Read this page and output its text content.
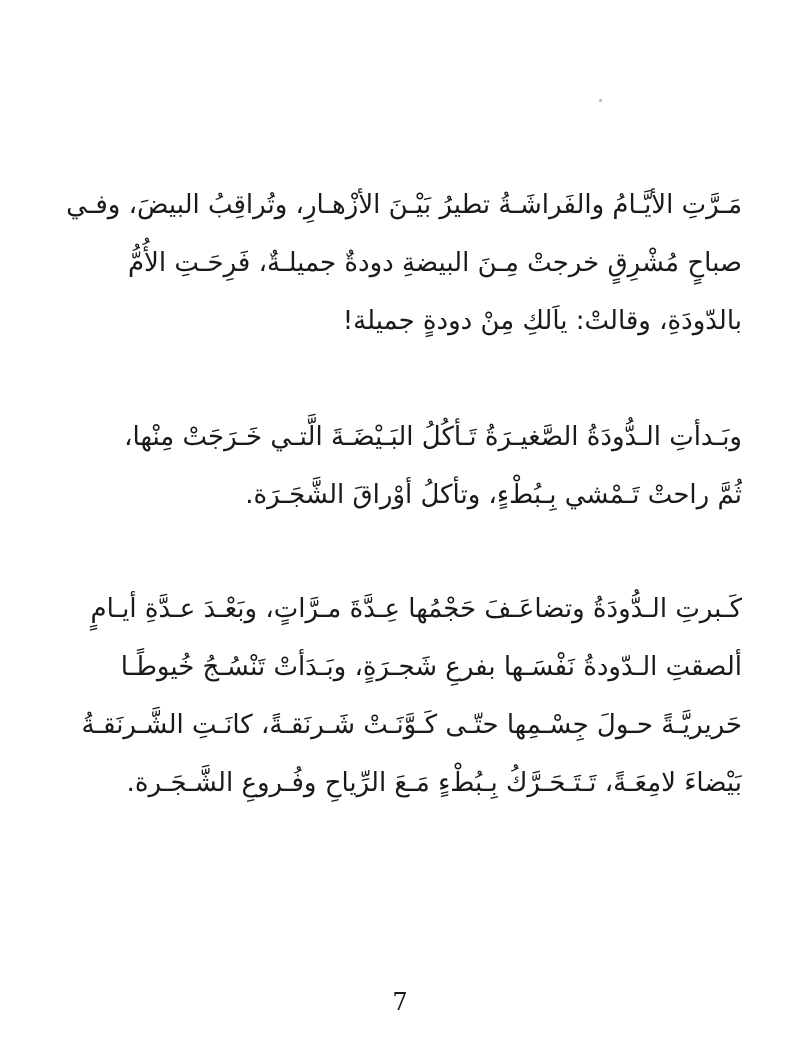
مَـرَّتِ الأيَّـامُ والفَراشَـةُ تطيرُ بَيْـنَ الأزْهـارِ، وتُراقِبُ البيضَ، وفـي
صباحٍ مُشْرِقٍ خرجتْ مِـنَ البيضةِ دودةٌ جميلـةٌ، فَرِحَـتِ الأُمُّ
بالدّودَةِ، وقالتْ: ياَلكِ مِنْ دودةٍ جميلة!
وبَـدأتِ الـدُّودَةُ الصَّغيـرَةُ تَـأكُلُ البَـيْضَـةَ الَّتـي خَـرَجَتْ مِنْها،
ثُمَّ راحتْ تَـمْشي بِـبُطْءٍ، وتأكلُ أوْراقَ الشَّجَـرَة.
كَـبرتِ الـدُّودَةُ وتضاعَـفَ حَجْمُها عِـدَّةَ مـرَّاتٍ، وبَعْـدَ عـدَّةِ أيـامٍ
ألصقتِ الـدّودةُ نَفْسَـها بفرعِ شَجـرَةٍ، وبَـدَأتْ تَنْسُـجُ خُيوطًـا
حَريريَّـةً حـولَ جِسْـمِها حتّـى كَـوَّنَـتْ شَـرنَقـةً، كانَـتِ الشَّـرنَقـةُ
بَيْضاءَ لامِعَـةً، تَـتَـحَـرَّكُ بِـبُطْءٍ مَـعَ الرِّياحِ وفُـروعِ الشَّـجَـرة.
7
